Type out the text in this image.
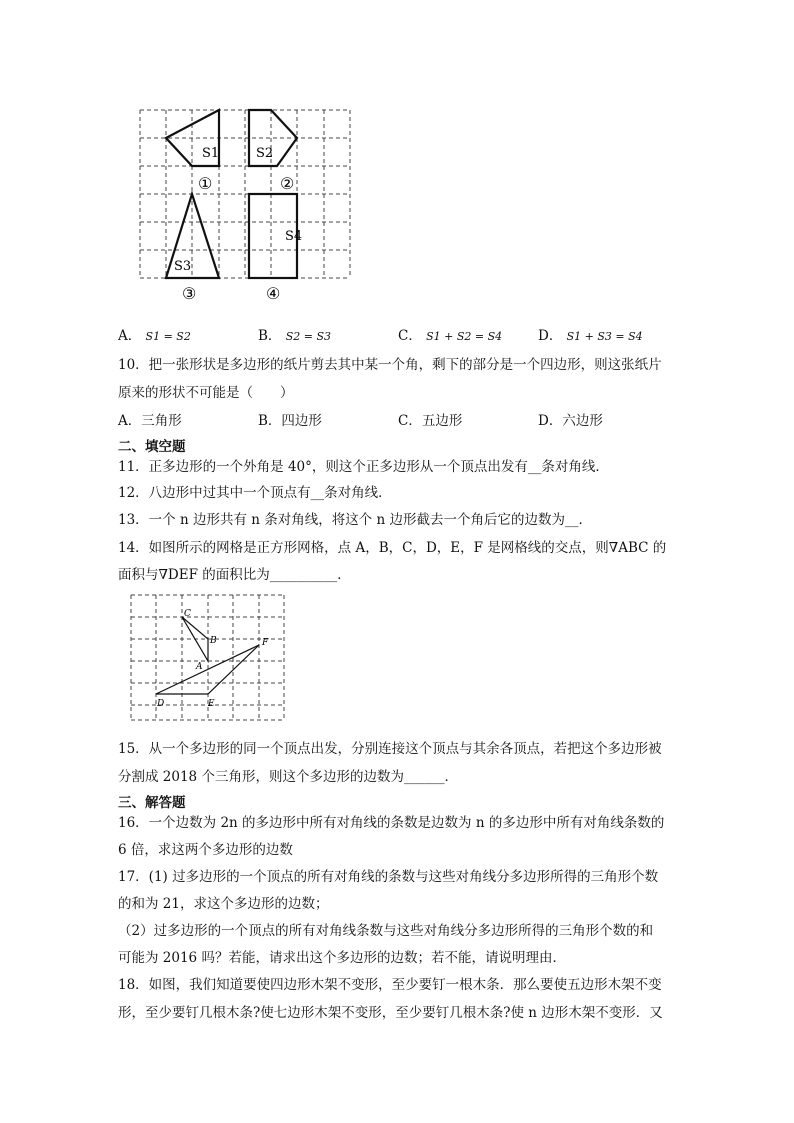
S1	S2
S3
S4
①	②
③	④
A． S1 = S2	B． S2 = S3	C． S1 + S2 = S4	D． S1 + S3 = S4
10．把一张形状是多边形的纸片剪去其中某一个角，剩下的部分是一个四边形，则这张纸片
原来的形状不可能是（　　）
A．三角形	B．四边形	C．五边形	D．六边形
二、填空题
11．正多边形的一个外角是 40°，则这个正多边形从一个顶点出发有__条对角线．
12．八边形中过其中一个顶点有__条对角线．
13．一个 n 边形共有 n 条对角线，将这个 n 边形截去一个角后它的边数为__．
14．如图所示的网格是正方形网格，点 A，B，C，D，E，F 是网格线的交点，则∇ABC 的
面积与∇DEF 的面积比为__________．
C
B
A
F
D	E
15．从一个多边形的同一个顶点出发，分别连接这个顶点与其余各顶点，若把这个多边形被
分割成 2018 个三角形，则这个多边形的边数为______．
三、解答题
16．一个边数为 2n 的多边形中所有对角线的条数是边数为 n 的多边形中所有对角线条数的
6 倍，求这两个多边形的边数
17．(1) 过多边形的一个顶点的所有对角线的条数与这些对角线分多边形所得的三角形个数
的和为 21，求这个多边形的边数；
（2）过多边形的一个顶点的所有对角线条数与这些对角线分多边形所得的三角形个数的和
可能为 2016 吗？若能，请求出这个多边形的边数；若不能，请说明理由．
18．如图，我们知道要使四边形木架不变形，至少要钉一根木条．那么要使五边形木架不变
形，至少要钉几根木条?使七边形木架不变形，至少要钉几根木条?使 n 边形木架不变形．又
